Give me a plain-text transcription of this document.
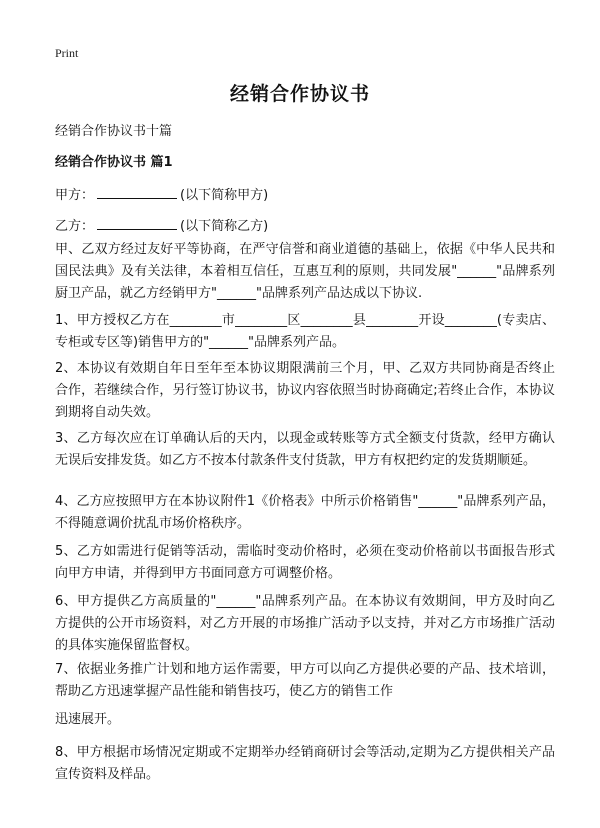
Print
经销合作协议书
经销合作协议书十篇
经销合作协议书 篇1
甲方：	(以下简称甲方)
乙方：	(以下简称乙方)
甲、乙双方经过友好平等协商，在严守信誉和商业道德的基础上，依据《中华人民共和国民法典》及有关法律，本着相互信任，互惠互利的原则，共同发展"______"品牌系列厨卫产品，就乙方经销甲方"______"品牌系列产品达成以下协议.
1、甲方授权乙方在________市________区________县________开设________(专卖店、专柜或专区等)销售甲方的"______"品牌系列产品。
2、本协议有效期自年日至年至本协议期限满前三个月，甲、乙双方共同协商是否终止合作，若继续合作，另行签订协议书，协议内容依照当时协商确定;若终止合作，本协议到期将自动失效。
3、乙方每次应在订单确认后的天内，以现金或转账等方式全额支付货款，经甲方确认无误后安排发货。如乙方不按本付款条件支付货款，甲方有权把约定的发货期顺延。
4、乙方应按照甲方在本协议附件1《价格表》中所示价格销售"______"品牌系列产品，不得随意调价扰乱市场价格秩序。
5、乙方如需进行促销等活动，需临时变动价格时，必须在变动价格前以书面报告形式向甲方申请，并得到甲方书面同意方可调整价格。
6、甲方提供乙方高质量的"______"品牌系列产品。在本协议有效期间，甲方及时向乙方提供的公开市场资料，对乙方开展的市场推广活动予以支持，并对乙方市场推广活动的具体实施保留监督权。
7、依据业务推广计划和地方运作需要，甲方可以向乙方提供必要的产品、技术培训，帮助乙方迅速掌握产品性能和销售技巧，使乙方的销售工作
迅速展开。
8、甲方根据市场情况定期或不定期举办经销商研讨会等活动,定期为乙方提供相关产品宣传资料及样品。
